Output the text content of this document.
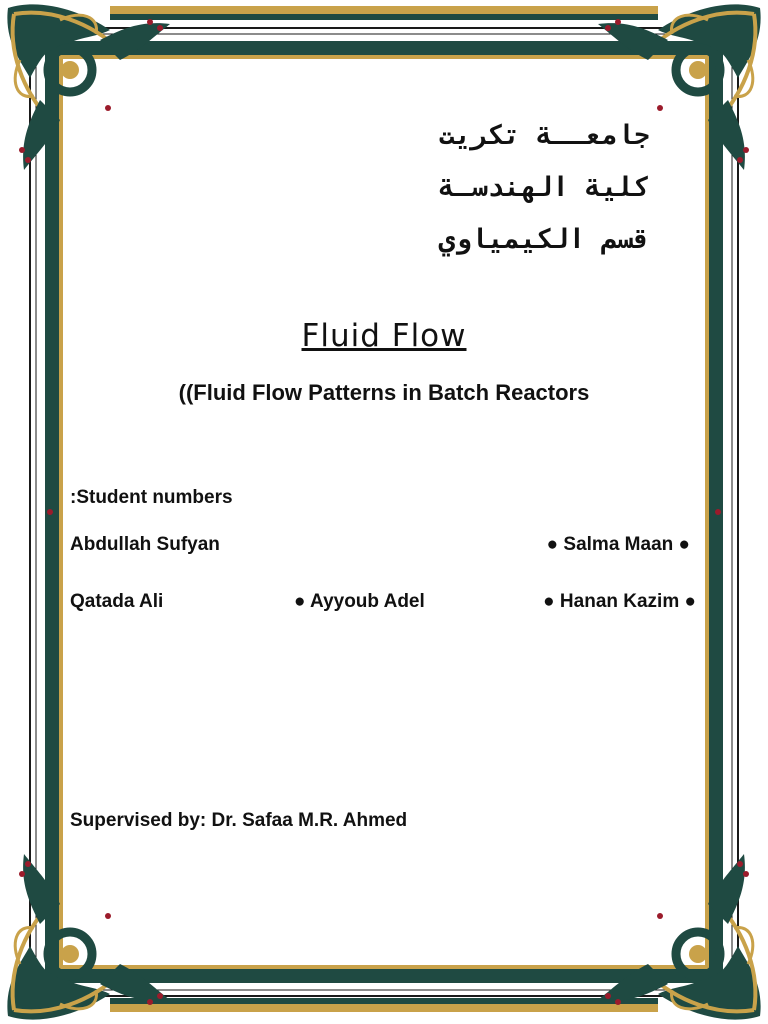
جامعــة تكريت
كلية الهندسـة
قسم الكيمياوي
Fluid Flow
((Fluid Flow Patterns in Batch Reactors
:Student numbers
Abdullah Sufyan	● Salma Maan ●
Qatada Ali	● Ayyoub Adel	● Hanan Kazim ●
Supervised by: Dr. Safaa M.R. Ahmed
